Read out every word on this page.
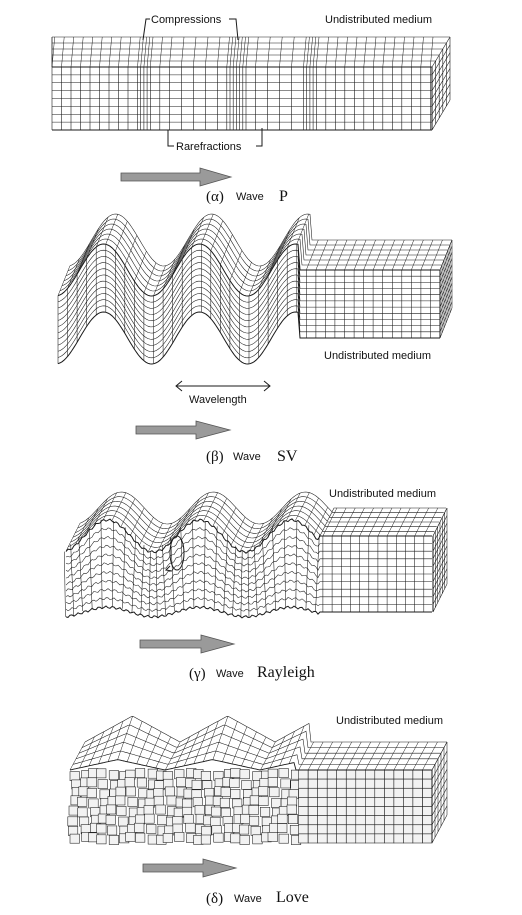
Compressions	Undistributed medium
Rarefractions
(α) Wave P
Undistributed medium
Wavelength
(β) Wave SV
Undistributed medium
(γ) Wave Rayleigh
Undistributed medium
(δ) Wave Love
